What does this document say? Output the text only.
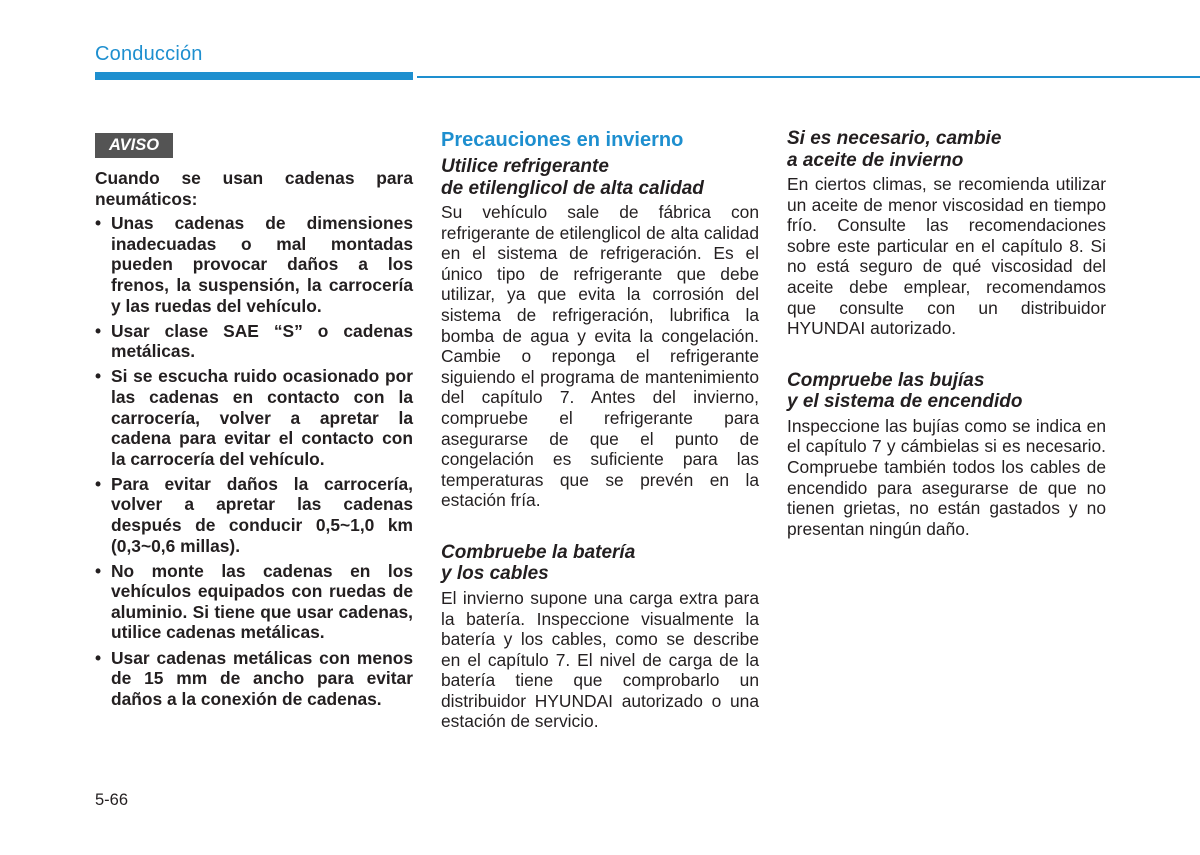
Conducción
AVISO

Cuando se usan cadenas para neumáticos:

• Unas cadenas de dimensiones inadecuadas o mal montadas pueden provocar daños a los frenos, la suspensión, la carrocería y las ruedas del vehículo.
• Usar clase SAE “S” o cadenas metálicas.
• Si se escucha ruido ocasionado por las cadenas en contacto con la carrocería, volver a apretar la cadena para evitar el contacto con la carrocería del vehículo.
• Para evitar daños la carrocería, volver a apretar las cadenas después de conducir 0,5~1,0 km (0,3~0,6 millas).
• No monte las cadenas en los vehículos equipados con ruedas de aluminio. Si tiene que usar cadenas, utilice cadenas metálicas.
• Usar cadenas metálicas con menos de 15 mm de ancho para evitar daños a la conexión de cadenas.
Precauciones en invierno
Utilice refrigerante
de etilenglicol de alta calidad

Su vehículo sale de fábrica con refrigerante de etilenglicol de alta calidad en el sistema de refrigeración. Es el único tipo de refrigerante que debe utilizar, ya que evita la corrosión del sistema de refrigeración, lubrifica la bomba de agua y evita la congelación. Cambie o reponga el refrigerante siguiendo el programa de mantenimiento del capítulo 7. Antes del invierno, compruebe el refrigerante para asegurarse de que el punto de congelación es suficiente para las temperaturas que se prevén en la estación fría.

Combruebe la batería
y los cables

El invierno supone una carga extra para la batería. Inspeccione visualmente la batería y los cables, como se describe en el capítulo 7. El nivel de carga de la batería tiene que comprobarlo un distribuidor HYUNDAI autorizado o una estación de servicio.

Si es necesario, cambie
a aceite de invierno

En ciertos climas, se recomienda utilizar un aceite de menor viscosidad en tiempo frío. Consulte las recomendaciones sobre este particular en el capítulo 8. Si no está seguro de qué viscosidad del aceite debe emplear, recomendamos que consulte con un distribuidor HYUNDAI autorizado.

Compruebe las bujías
y el sistema de encendido

Inspeccione las bujías como se indica en el capítulo 7 y cámbielas si es necesario. Compruebe también todos los cables de encendido para asegurarse de que no tienen grietas, no están gastados y no presentan ningún daño.

5-66
